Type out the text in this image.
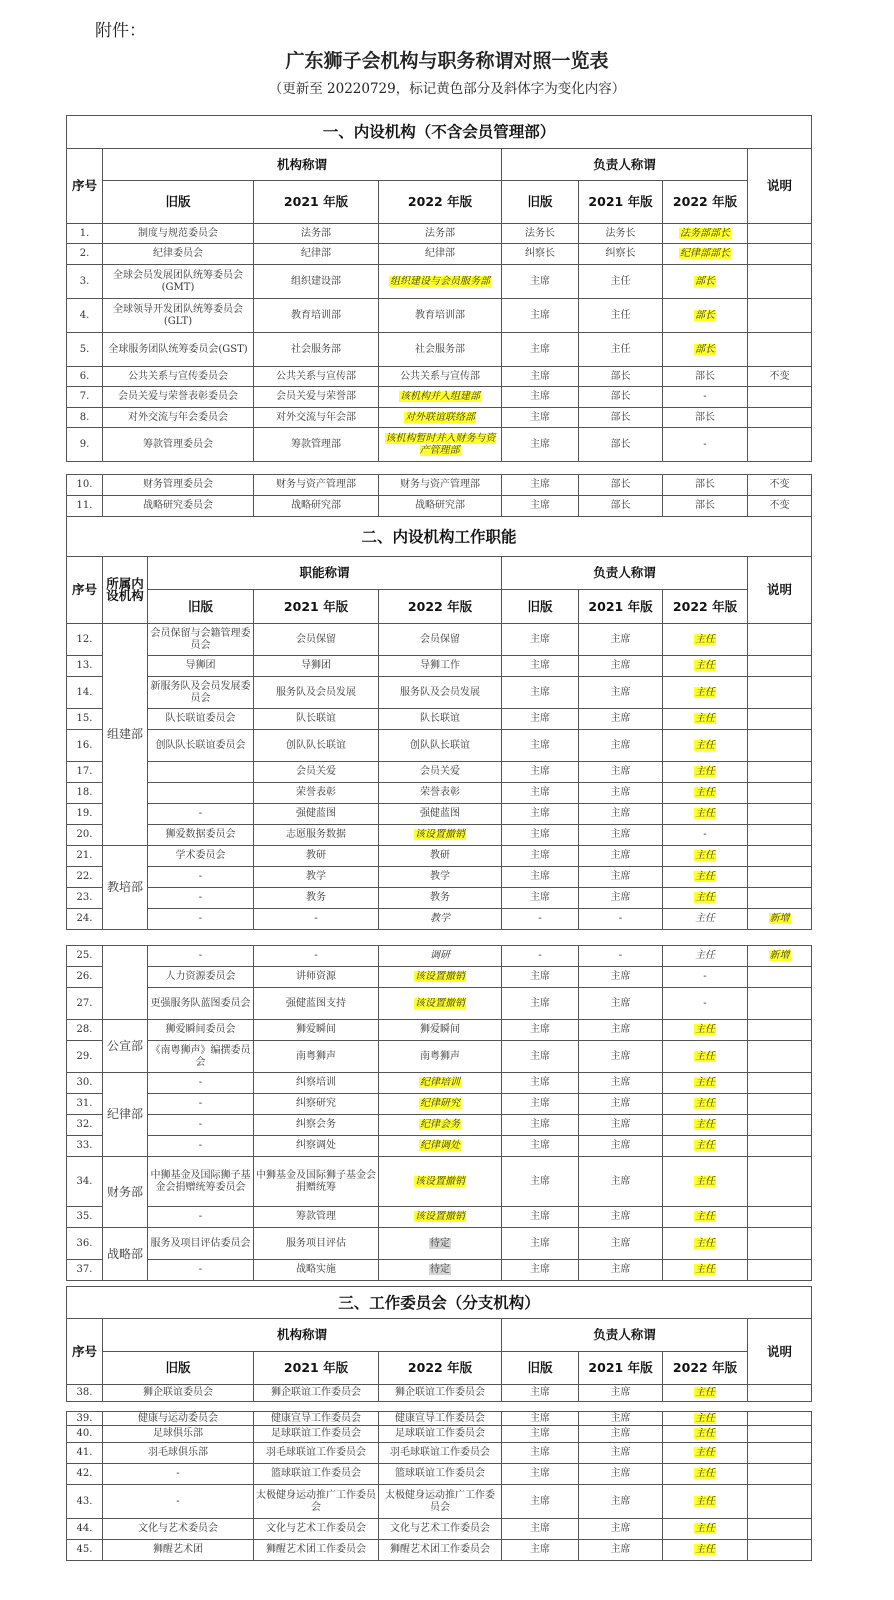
附件：
广东狮子会机构与职务称谓对照一览表
（更新至 20220729，标记黄色部分及斜体字为变化内容）
一、内设机构（不含会员管理部）							
序号	机构称谓			负责人称谓			说明
	旧版	2021 年版	2022 年版	旧版	2021 年版	2022 年版	
1.	制度与规范委员会	法务部	法务部	法务长	法务长	法务部部长	
2.	纪律委员会	纪律部	纪律部	纠察长	纠察长	纪律部部长	
3.	全球会员发展团队统筹委员会(GMT)	组织建设部	组织建设与会员服务部	主席	主任	部长	
4.	全球领导开发团队统筹委员会(GLT)	教育培训部	教育培训部	主席	主任	部长	
5.	全球服务团队统筹委员会(GST)	社会服务部	社会服务部	主席	主任	部长	
6.	公共关系与宣传委员会	公共关系与宣传部	公共关系与宣传部	主席	部长	部长	不变
7.	会员关爱与荣誉表彰委员会	会员关爱与荣誉部	该机构并入组建部	主席	部长	-	
8.	对外交流与年会委员会	对外交流与年会部	对外联谊联络部	主席	部长	部长	
9.	筹款管理委员会	筹款管理部	该机构暂时并入财务与资产管理部	主席	部长	-	
10.	财务管理委员会	财务与资产管理部	财务与资产管理部	主席	部长	部长	不变
11.	战略研究委员会	战略研究部	战略研究部	主席	部长	部长	不变
二、内设机构工作职能								
序号	所属内设机构	职能称谓			负责人称谓			说明
		旧版	2021 年版	2022 年版	旧版	2021 年版	2022 年版	
12.	组建部	会员保留与会籍管理委员会	会员保留	会员保留	主席	主席	主任	
13.		导狮团	导狮团	导狮工作	主席	主席	主任	
14.		新服务队及会员发展委员会	服务队及会员发展	服务队及会员发展	主席	主席	主任	
15.		队长联谊委员会	队长联谊	队长联谊	主席	主席	主任	
16.		创队队长联谊委员会	创队队长联谊	创队队长联谊	主席	主席	主任	
17.			会员关爱	会员关爱	主席	主席	主任	
18.			荣誉表彰	荣誉表彰	主席	主席	主任	
19.		-	强健蓝图	强健蓝图	主席	主席	主任	
20.		狮爱数据委员会	志愿服务数据	该设置撤销	主席	主席	-	
21.	教培部	学术委员会	教研	教研	主席	主席	主任	
22.		-	教学	教学	主席	主席	主任	
23.		-	教务	教务	主席	主席	主任	
24.		-	-	教学	-	-	主任	新增
25.		-	-	调研	-	-	主任	新增
26.		人力资源委员会	讲师资源	该设置撤销	主席	主席	-	
27.		更强服务队蓝图委员会	强健蓝图支持	该设置撤销	主席	主席	-	
28.	公宣部	狮爱瞬间委员会	狮爱瞬间	狮爱瞬间	主席	主席	主任	
29.		《南粤狮声》编撰委员会	南粤狮声	南粤狮声	主席	主席	主任	
30.	纪律部	-	纠察培训	纪律培训	主席	主席	主任	
31.		-	纠察研究	纪律研究	主席	主席	主任	
32.		-	纠察会务	纪律会务	主席	主席	主任	
33.		-	纠察调处	纪律调处	主席	主席	主任	
34.	财务部	中狮基金及国际狮子基金会捐赠统筹委员会	中狮基金及国际狮子基金会捐赠统筹	该设置撤销	主席	主席	主任	
35.		-	筹款管理	该设置撤销	主席	主席	主任	
36.	战略部	服务及项目评估委员会	服务项目评估	待定	主席	主席	主任	
37.		-	战略实施	待定	主席	主席	主任	
三、工作委员会（分支机构）							
序号	机构称谓			负责人称谓			说明
	旧版	2021 年版	2022 年版	旧版	2021 年版	2022 年版	
38.	狮企联谊委员会	狮企联谊工作委员会	狮企联谊工作委员会	主席	主席	主任	
39.	健康与运动委员会	健康宣导工作委员会	健康宣导工作委员会	主席	主席	主任	
40.	足球俱乐部	足球联谊工作委员会	足球联谊工作委员会	主席	主席	主任	
41.	羽毛球俱乐部	羽毛球联谊工作委员会	羽毛球联谊工作委员会	主席	主席	主任	
42.	-	篮球联谊工作委员会	篮球联谊工作委员会	主席	主席	主任	
43.	-	太极健身运动推广工作委员会	太极健身运动推广工作委员会	主席	主席	主任	
44.	文化与艺术委员会	文化与艺术工作委员会	文化与艺术工作委员会	主席	主席	主任	
45.	狮醒艺术团	狮醒艺术团工作委员会	狮醒艺术团工作委员会	主席	主席	主任	
